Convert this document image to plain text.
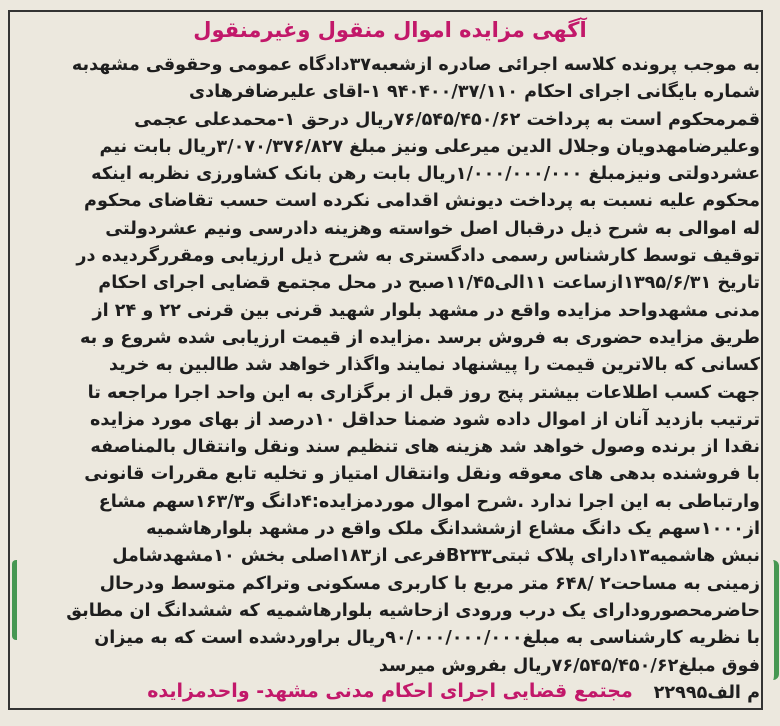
آگهی مزایده اموال منقول وغیرمنقول
به موجب پرونده کلاسه اجرائی صادره ازشعبه۳۷دادگاه عمومی وحقوقی مشهدبه
شماره بایگانی اجرای احکام ۹۴۰۴۰۰/۳۷/۱۱۰ ۱-اقای علیرضافرهادی
قمرمحکوم است به پرداخت ۷۶/۵۴۵/۴۵۰/۶۲ریال درحق ۱-محمدعلی عجمی
وعلیرضامهدویان وجلال الدین میرعلی ونیز مبلغ ۳/۰۷۰/۳۷۶/۸۲۷ریال بابت نیم
عشردولتی ونیزمبلغ ۱/۰۰۰/۰۰۰/۰۰۰ریال بابت رهن بانک کشاورزی نظربه اینکه
محکوم علیه نسبت به پرداخت دیونش اقدامی نکرده است حسب تقاضای محکوم
له اموالی به شرح ذیل درقبال اصل خواسته وهزینه دادرسی ونیم عشردولتی
توقیف توسط کارشناس رسمی دادگستری به شرح ذیل ارزیابی ومقررگردیده در
تاریخ ۱۳۹۵/۶/۳۱ازساعت ۱۱الی۱۱/۴۵صبح در محل مجتمع قضایی اجرای احکام
مدنی مشهدواحد مزایده واقع در مشهد بلوار شهید قرنی بین قرنی ۲۲ و ۲۴ از
طریق مزایده حضوری به فروش برسد .مزایده از قیمت ارزیابی شده شروع و به
کسانی که بالاترین قیمت را پیشنهاد نمایند واگذار خواهد شد طالبین به خرید
جهت کسب اطلاعات بیشتر پنج روز قبل از برگزاری به این واحد اجرا مراجعه تا
ترتیب بازدید آنان از اموال داده شود ضمنا حداقل ۱۰درصد از بهای مورد مزایده
نقدا از برنده وصول خواهد شد هزینه های تنظیم سند ونقل وانتقال بالمناصفه
با فروشنده بدهی های معوقه ونقل وانتقال امتیاز و تخلیه تابع مقررات قانونی
وارتباطی به این اجرا ندارد .شرح اموال موردمزایده:۴دانگ و۱۶۳/۳سهم مشاع
از۱۰۰۰سهم یک دانگ مشاع ازششدانگ ملک واقع در مشهد بلوارهاشمیه
نبش هاشمیه۱۳دارای پلاک ثبتیB۲۳۳فرعی از۱۸۳اصلی بخش ۱۰مشهدشامل
زمینی به مساحت۲ /۶۴۸ متر مربع با کاربری مسکونی وتراکم متوسط ودرحال
حاضرمحصورودارای یک درب ورودی ازحاشیه بلوارهاشمیه که ششدانگ ان مطابق
با نظریه کارشناسی به مبلغ۹۰/۰۰۰/۰۰۰/۰۰۰ریال براوردشده است که به میزان
فوق مبلغ۷۶/۵۴۵/۴۵۰/۶۲ریال بفروش میرسد
م الف۲۲۹۹۵
مجتمع قضایی اجرای احکام مدنی مشهد- واحدمزایده
